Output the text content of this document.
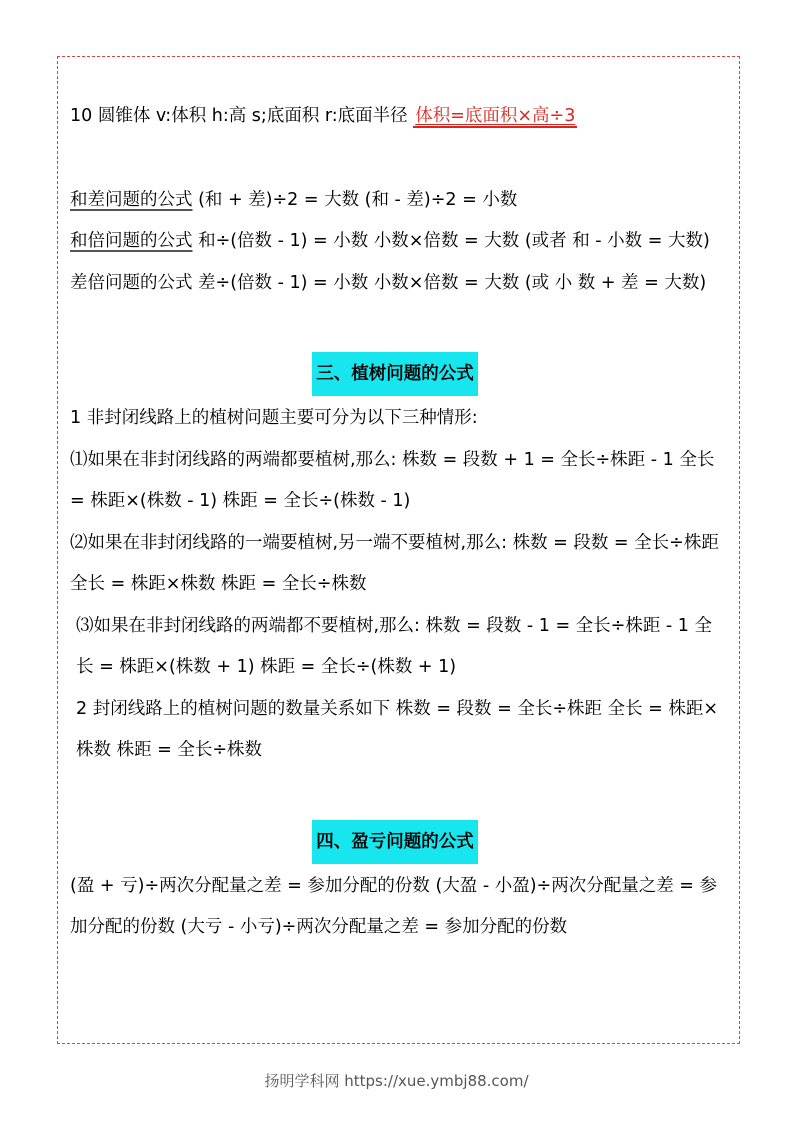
10 圆锥体 v:体积 h:高 s;底面积 r:底面半径 体积=底面积×高÷3

和差问题的公式 (和 + 差)÷2 = 大数 (和 - 差)÷2 = 小数

和倍问题的公式 和÷(倍数 - 1) = 小数 小数×倍数 = 大数 (或者 和 - 小数 = 大数) 差倍问题的公式 差÷(倍数 - 1) = 小数 小数×倍数 = 大数 (或 小 数 + 差 = 大数)

三、植树问题的公式

1 非封闭线路上的植树问题主要可分为以下三种情形:

⑴如果在非封闭线路的两端都要植树,那么: 株数 = 段数 + 1 = 全长÷株距 - 1 全长 = 株距×(株数 - 1) 株距 = 全长÷(株数 - 1)

⑵如果在非封闭线路的一端要植树,另一端不要植树,那么: 株数 = 段数 = 全长÷株距 全长 = 株距×株数 株距 = 全长÷株数

⑶如果在非封闭线路的两端都不要植树,那么: 株数 = 段数 - 1 = 全长÷株距 - 1 全长 = 株距×(株数 + 1) 株距 = 全长÷(株数 + 1)

2 封闭线路上的植树问题的数量关系如下 株数 = 段数 = 全长÷株距 全长 = 株距×株数 株距 = 全长÷株数

四、盈亏问题的公式

(盈 + 亏)÷两次分配量之差 = 参加分配的份数 (大盈 - 小盈)÷两次分配量之差 = 参加分配的份数 (大亏 - 小亏)÷两次分配量之差 = 参加分配的份数

扬明学科网 https://xue.ymbj88.com/
